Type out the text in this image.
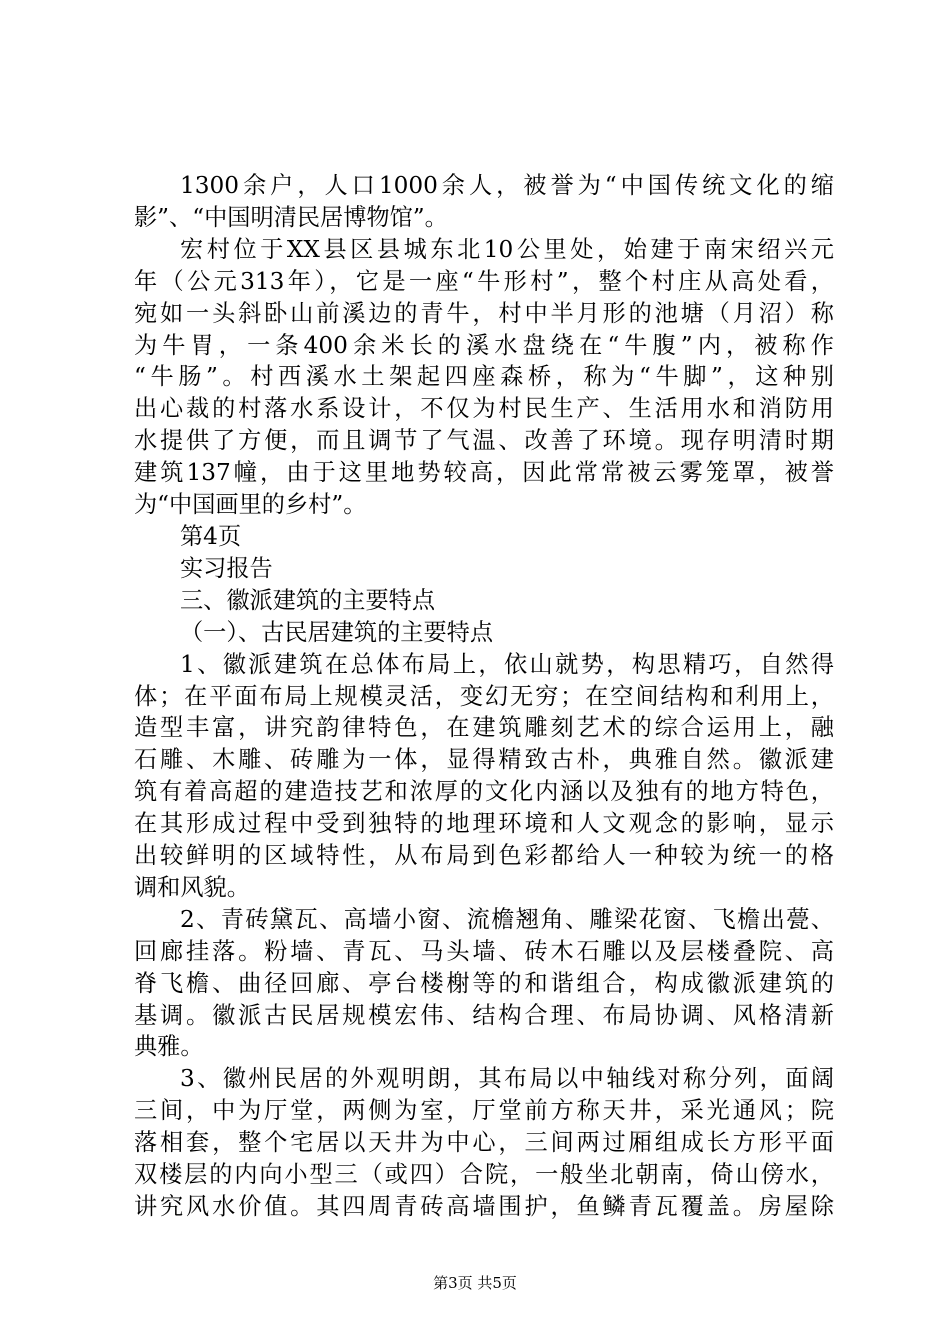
1300余户，人口1000余人，被誉为“中国传统文化的缩
影”、“中国明清民居博物馆”。
宏村位于XX县区县城东北10公里处，始建于南宋绍兴元
年（公元313年），它是一座“牛形村”，整个村庄从高处看，
宛如一头斜卧山前溪边的青牛，村中半月形的池塘（月沼）称
为牛胃，一条400余米长的溪水盘绕在“牛腹”内，被称作
“牛肠”。村西溪水土架起四座森桥，称为“牛脚”，这种别
出心裁的村落水系设计，不仅为村民生产、生活用水和消防用
水提供了方便，而且调节了气温、改善了环境。现存明清时期
建筑137幢，由于这里地势较高，因此常常被云雾笼罩，被誉
为“中国画里的乡村”。
第4页
实习报告
三、徽派建筑的主要特点
（一）、古民居建筑的主要特点
1、徽派建筑在总体布局上，依山就势，构思精巧，自然得
体；在平面布局上规模灵活，变幻无穷；在空间结构和利用上，
造型丰富，讲究韵律特色，在建筑雕刻艺术的综合运用上，融
石雕、木雕、砖雕为一体，显得精致古朴，典雅自然。徽派建
筑有着高超的建造技艺和浓厚的文化内涵以及独有的地方特色，
在其形成过程中受到独特的地理环境和人文观念的影响，显示
出较鲜明的区域特性，从布局到色彩都给人一种较为统一的格
调和风貌。
2、青砖黛瓦、高墙小窗、流檐翘角、雕梁花窗、飞檐出甍、
回廊挂落。粉墙、青瓦、马头墙、砖木石雕以及层楼叠院、高
脊飞檐、曲径回廊、亭台楼榭等的和谐组合，构成徽派建筑的
基调。徽派古民居规模宏伟、结构合理、布局协调、风格清新
典雅。
3、徽州民居的外观明朗，其布局以中轴线对称分列，面阔
三间，中为厅堂，两侧为室，厅堂前方称天井，采光通风；院
落相套，整个宅居以天井为中心，三间两过厢组成长方形平面
双楼层的内向小型三（或四）合院，一般坐北朝南，倚山傍水，
讲究风水价值。其四周青砖高墙围护，鱼鳞青瓦覆盖。房屋除
第3页 共5页
